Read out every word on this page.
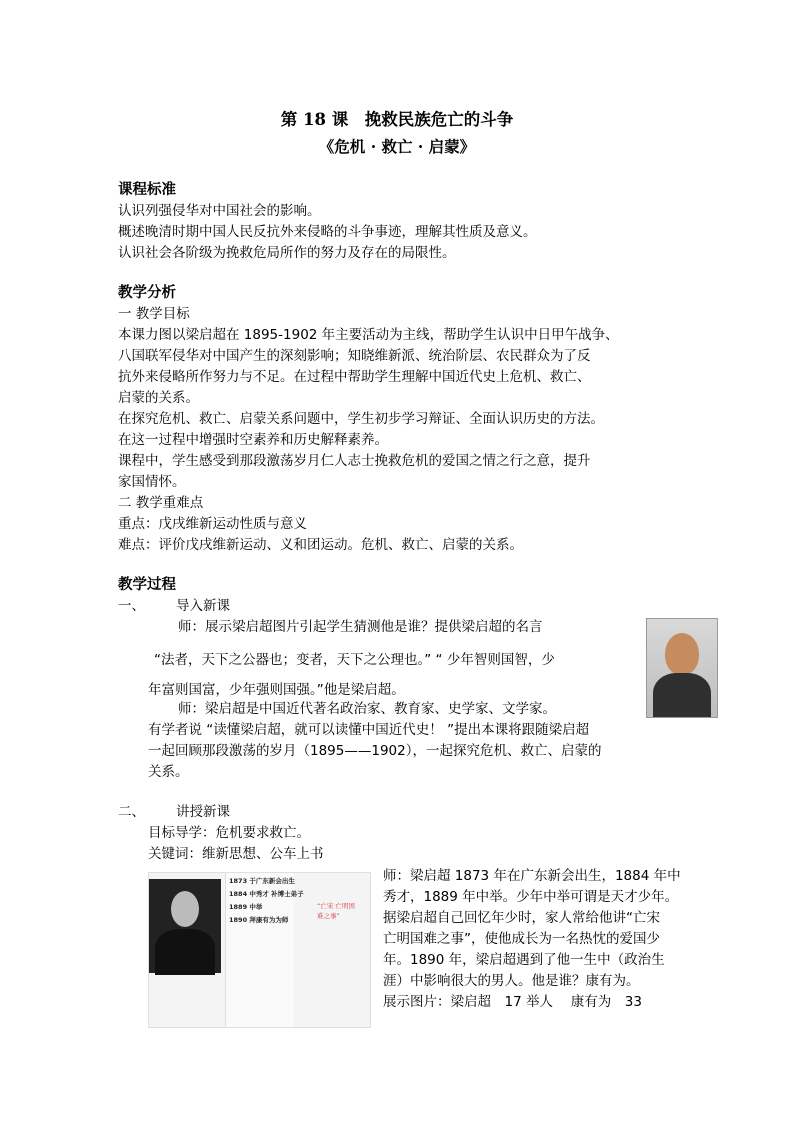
第 18 课　挽救民族危亡的斗争
《危机 · 救亡 · 启蒙》
课程标准
认识列强侵华对中国社会的影响。
概述晚清时期中国人民反抗外来侵略的斗争事迹，理解其性质及意义。
认识社会各阶级为挽救危局所作的努力及存在的局限性。
教学分析
一 教学目标
本课力图以梁启超在 1895-1902 年主要活动为主线，帮助学生认识中日甲午战争、
八国联军侵华对中国产生的深刻影响；知晓维新派、统治阶层、农民群众为了反
抗外来侵略所作努力与不足。在过程中帮助学生理解中国近代史上危机、救亡、
启蒙的关系。
在探究危机、救亡、启蒙关系问题中，学生初步学习辩证、全面认识历史的方法。
在这一过程中增强时空素养和历史解释素养。
课程中，学生感受到那段激荡岁月仁人志士挽救危机的爱国之情之行之意，提升
家国情怀。
二 教学重难点
重点：戊戌维新运动性质与意义
难点：评价戊戌维新运动、义和团运动。危机、救亡、启蒙的关系。
教学过程
一、 导入新课
师：展示梁启超图片引起学生猜测他是谁？提供梁启超的名言
“法者，天下之公器也；变者，天下之公理也。” “ 少年智则国智，少
年富则国富，少年强则国强。”他是梁启超。
师：梁启超是中国近代著名政治家、教育家、史学家、文学家。
有学者说 “读懂梁启超，就可以读懂中国近代史！ ”提出本课将跟随梁启超
一起回顾那段激荡的岁月（1895——1902），一起探究危机、救亡、启蒙的
关系。
二、 讲授新课
目标导学：危机要求救亡。
关键词：维新思想、公车上书
1873 于广东新会出生
1884 中秀才 补博士弟子
1889 中举
1890 拜康有为为师
“亡宋 亡明国难之事”
师：梁启超 1873 年在广东新会出生，1884 年中
秀才，1889 年中举。少年中举可谓是天才少年。
据梁启超自己回忆年少时，家人常给他讲“亡宋
亡明国难之事”，使他成长为一名热忱的爱国少
年。1890 年，梁启超遇到了他一生中（政治生
涯）中影响很大的男人。他是谁？康有为。
展示图片：梁启超　17 举人　 康有为　33
